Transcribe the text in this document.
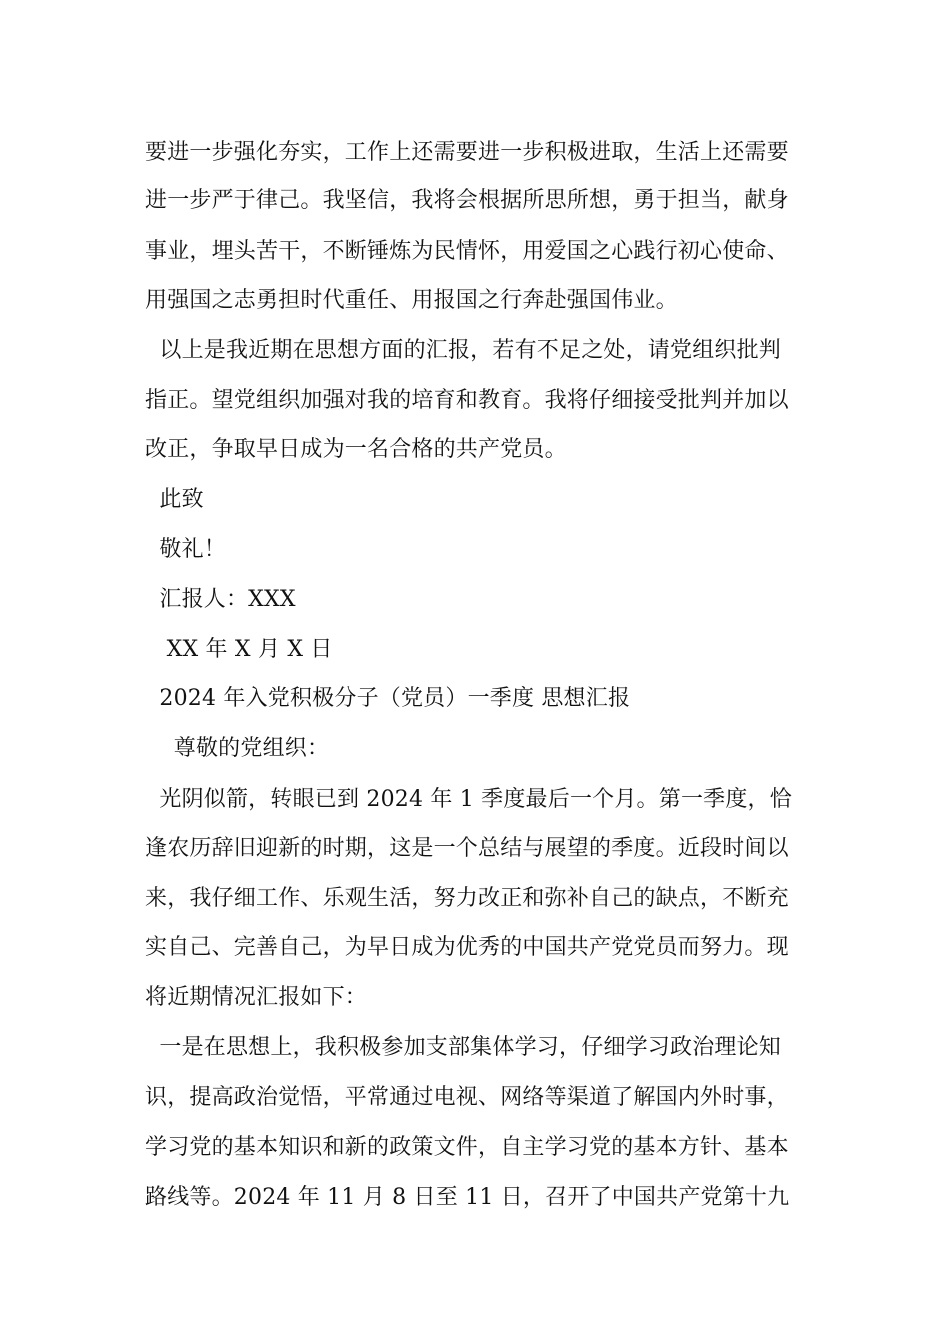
要进一步强化夯实，工作上还需要进一步积极进取，生活上还需要
进一步严于律己。我坚信，我将会根据所思所想，勇于担当，献身
事业，埋头苦干，不断锤炼为民情怀，用爱国之心践行初心使命、
用强国之志勇担时代重任、用报国之行奔赴强国伟业。
以上是我近期在思想方面的汇报，若有不足之处，请党组织批判
指正。望党组织加强对我的培育和教育。我将仔细接受批判并加以
改正，争取早日成为一名合格的共产党员。
此致
敬礼！
汇报人：XXX
XX 年 X 月 X 日
2024 年入党积极分子（党员）一季度 思想汇报
尊敬的党组织：
光阴似箭，转眼已到 2024 年 1 季度最后一个月。第一季度，恰
逢农历辞旧迎新的时期，这是一个总结与展望的季度。近段时间以
来，我仔细工作、乐观生活，努力改正和弥补自己的缺点，不断充
实自己、完善自己，为早日成为优秀的中国共产党党员而努力。现
将近期情况汇报如下：
一是在思想上，我积极参加支部集体学习，仔细学习政治理论知
识，提高政治觉悟，平常通过电视、网络等渠道了解国内外时事，
学习党的基本知识和新的政策文件，自主学习党的基本方针、基本
路线等。2024 年 11 月 8 日至 11 日，召开了中国共产党第十九
